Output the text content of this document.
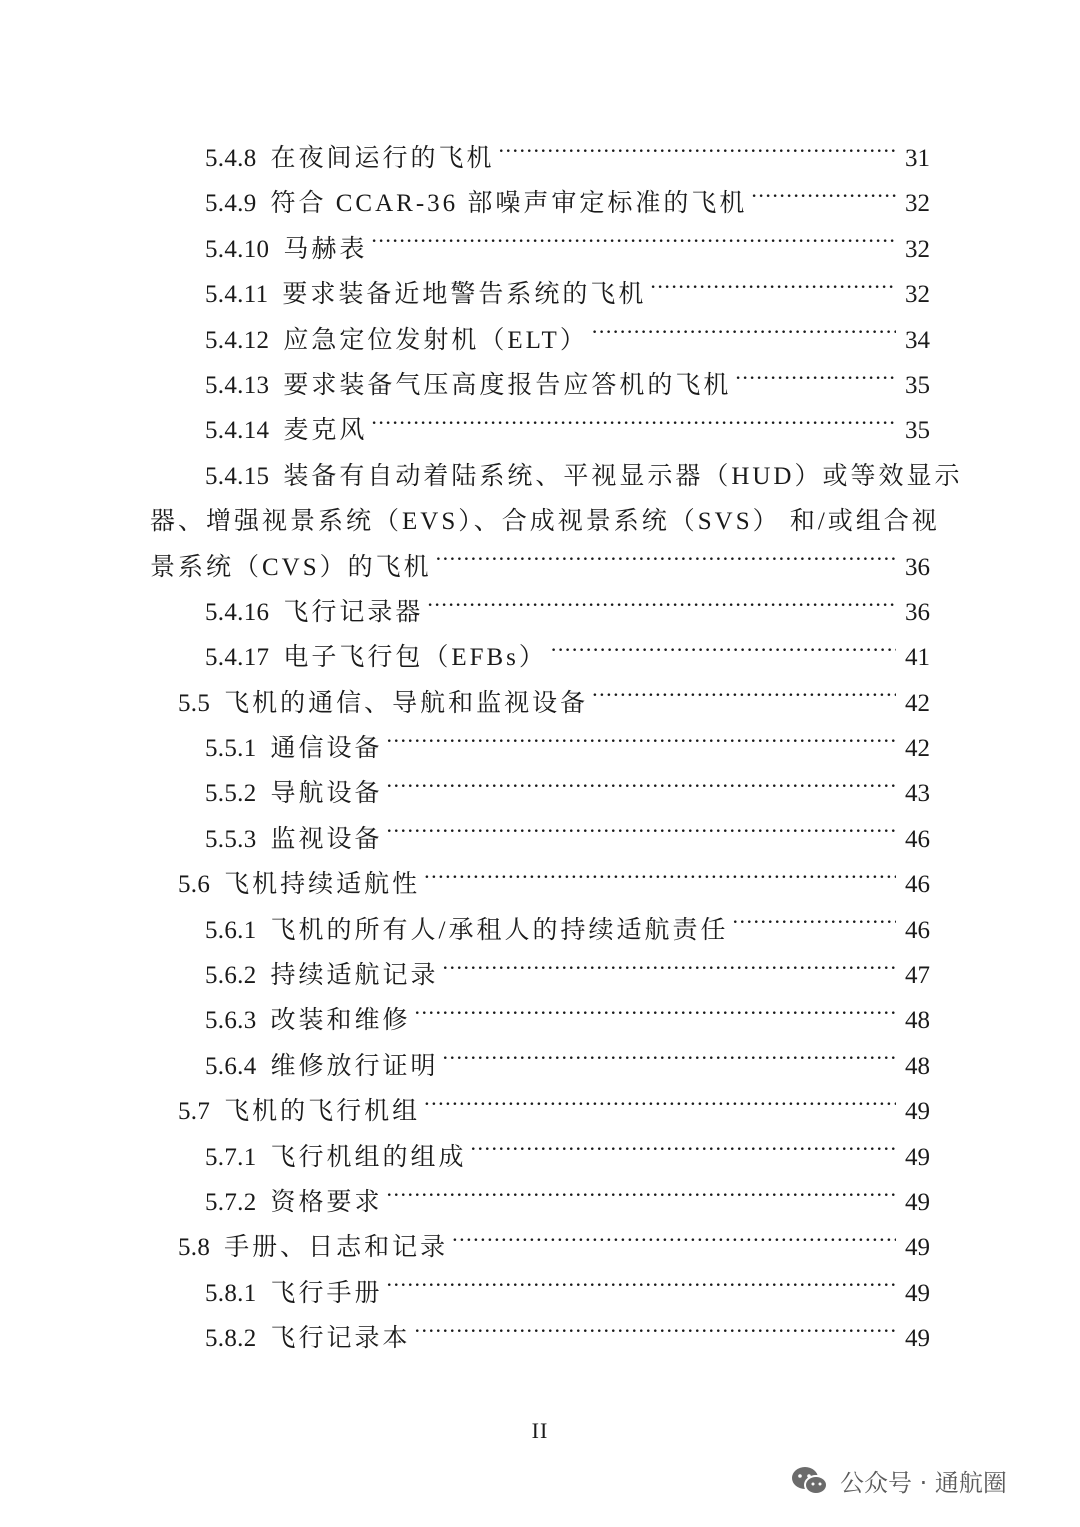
5.4.8 在夜间运行的飞机 .....	31
5.4.9 符合 CCAR-36 部噪声审定标准的飞机 .....	32
5.4.10 马赫表 .....	32
5.4.11 要求装备近地警告系统的飞机 .....	32
5.4.12 应急定位发射机（ELT） .....	34
5.4.13 要求装备气压高度报告应答机的飞机 .....	35
5.4.14 麦克风 .....	35
5.4.15 装备有自动着陆系统、平视显示器（HUD）或等效显示
器、增强视景系统（EVS）、合成视景系统（SVS） 和/或组合视
景系统（CVS）的飞机 .....	36
5.4.16 飞行记录器 .....	36
5.4.17 电子飞行包（EFBs） .....	41
5.5 飞机的通信、导航和监视设备 .....	42
5.5.1 通信设备 .....	42
5.5.2 导航设备 .....	43
5.5.3 监视设备 .....	46
5.6 飞机持续适航性 .....	46
5.6.1 飞机的所有人/承租人的持续适航责任 .....	46
5.6.2 持续适航记录 .....	47
5.6.3 改装和维修 .....	48
5.6.4 维修放行证明 .....	48
5.7 飞机的飞行机组 .....	49
5.7.1 飞行机组的组成 .....	49
5.7.2 资格要求 .....	49
5.8 手册、日志和记录 .....	49
5.8.1 飞行手册 .....	49
5.8.2 飞行记录本 .....	49
II
公众号 · 通航圈
